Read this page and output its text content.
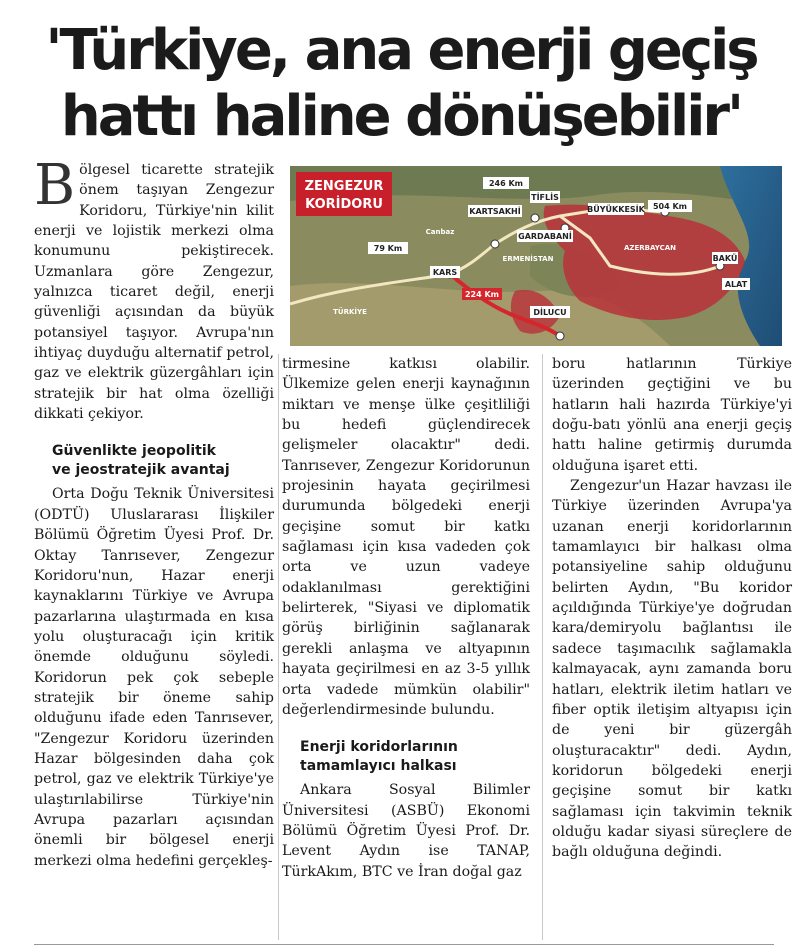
'Türkiye, ana enerji geçiş
hattı haline dönüşebilir'
ZENGEZUR
KORİDORU
246 Km
KARTSAKHİ
TİFLİS
BÜYÜKKESİK 504 Km
Canbaz	GARDABANİ
79 Km	AZERBAYCAN
ERMENİSTAN	BAKÜ
KARS
224 Km
ALAT
TÜRKİYE	DİLUCU

Bölgesel ticarette stratejik önem taşıyan Zengezur Koridoru, Türkiye'nin kilit enerji ve lojistik merkezi olma konumunu pekiştirecek. Uzmanlara göre Zengezur, yalnızca ticaret değil, enerji güvenliği açısından da büyük potansiyel taşıyor. Avrupa'nın ihtiyaç duyduğu alternatif petrol, gaz ve elektrik güzergâhları için stratejik bir hat olma özelliği dikkati çekiyor.

Güvenlikte jeopolitik
ve jeostratejik avantaj

Orta Doğu Teknik Üniversitesi (ODTÜ) Uluslararası İlişkiler Bölümü Öğretim Üyesi Prof. Dr. Oktay Tanrısever, Zengezur Koridoru'nun, Hazar enerji kaynaklarını Türkiye ve Avrupa pazarlarına ulaştırmada en kısa yolu oluşturacağı için kritik önemde olduğunu söyledi. Koridorun pek çok sebeple stratejik bir öneme sahip olduğunu ifade eden Tanrısever, "Zengezur Koridoru üzerinden Hazar bölgesinden daha çok petrol, gaz ve elektrik Türkiye'ye ulaştırılabilirse Türkiye'nin Avrupa pazarları açısından önemli bir bölgesel enerji merkezi olma hedefini gerçekleş-

tirmesine katkısı olabilir. Ülkemize gelen enerji kaynağının miktarı ve menşe ülke çeşitliliği bu hedefi güçlendirecek gelişmeler olacaktır" dedi. Tanrısever, Zengezur Koridorunun projesinin hayata geçirilmesi durumunda bölgedeki enerji geçişine somut bir katkı sağlaması için kısa vadeden çok orta ve uzun vadeye odaklanılması gerektiğini belirterek, "Siyasi ve diplomatik görüş birliğinin sağlanarak gerekli anlaşma ve altyapının hayata geçirilmesi en az 3-5 yıllık orta vadede mümkün olabilir" değerlendirmesinde bulundu.

Enerji koridorlarının
tamamlayıcı halkası

Ankara Sosyal Bilimler Üniversitesi (ASBÜ) Ekonomi Bölümü Öğretim Üyesi Prof. Dr. Levent Aydın ise TANAP, TürkAkım, BTC ve İran doğal gaz

boru hatlarının Türkiye üzerinden geçtiğini ve bu hatların hali hazırda Türkiye'yi doğu-batı yönlü ana enerji geçiş hattı haline getirmiş durumda olduğuna işaret etti.

Zengezur'un Hazar havzası ile Türkiye üzerinden Avrupa'ya uzanan enerji koridorlarının tamamlayıcı bir halkası olma potansiyeline sahip olduğunu belirten Aydın, "Bu koridor açıldığında Türkiye'ye doğrudan kara/demiryolu bağlantısı ile sadece taşımacılık sağlamakla kalmayacak, aynı zamanda boru hatları, elektrik iletim hatları ve fiber optik iletişim altyapısı için de yeni bir güzergâh oluşturacaktır" dedi. Aydın, koridorun bölgedeki enerji geçişine somut bir katkı sağlaması için takvimin teknik olduğu kadar siyasi süreçlere de bağlı olduğuna değindi.
